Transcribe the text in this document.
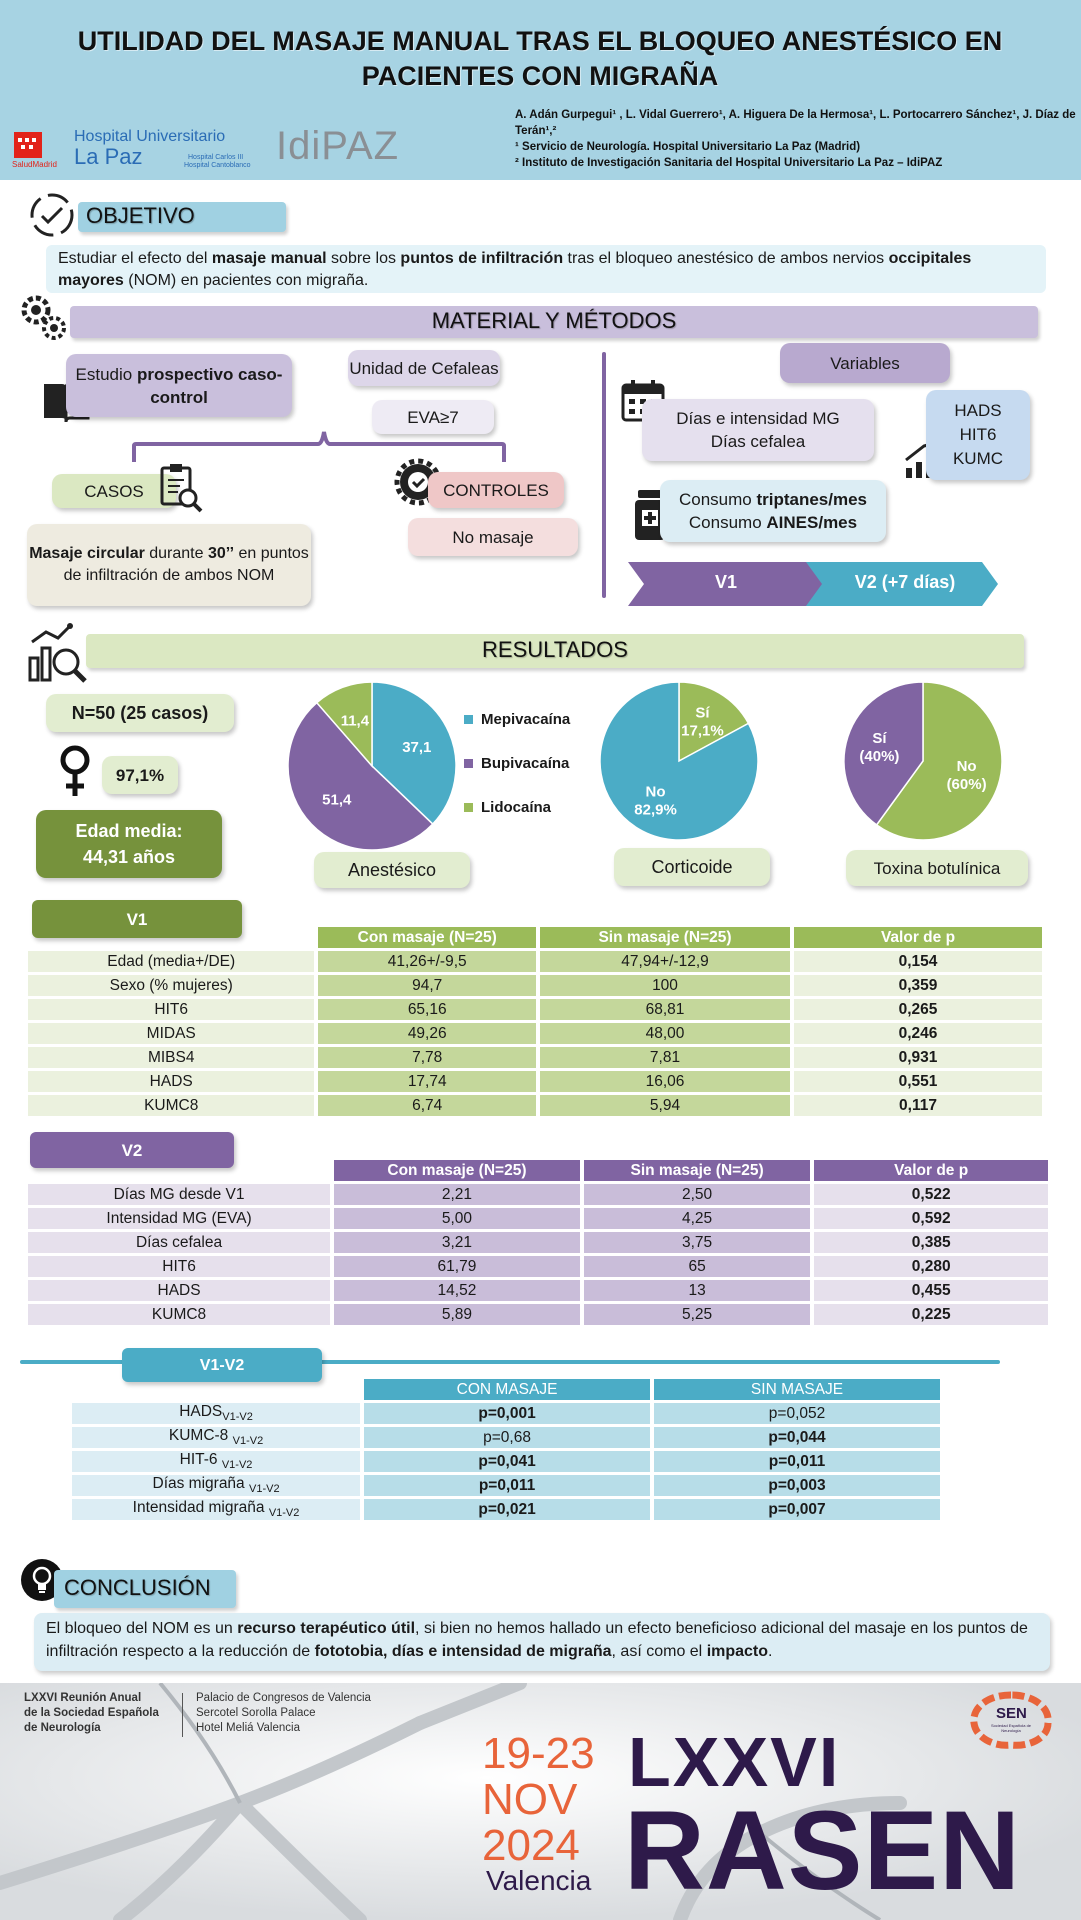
UTILIDAD DEL MASAJE MANUAL TRAS EL BLOQUEO ANESTÉSICO EN PACIENTES CON MIGRAÑA
SaludMadrid
Hospital Universitario
La Paz	Hospital Carlos III
Hospital Cantoblanco IdiPAZ
A. Adán Gurpegui¹ , L. Vidal Guerrero¹, A. Higuera De la Hermosa¹, L. Portocarrero Sánchez¹, J. Díaz de Terán¹,²
¹ Servicio de Neurología. Hospital Universitario La Paz (Madrid)
² Instituto de Investigación Sanitaria del Hospital Universitario La Paz – IdiPAZ
OBJETIVO
Estudiar el efecto del masaje manual sobre los puntos de infiltración tras el bloqueo anestésico de ambos nervios occipitales mayores (NOM) en pacientes con migraña.
MATERIAL Y MÉTODOS
Estudio prospectivo caso-control
Unidad de Cefaleas
EVA≥7
CASOS
Masaje circular durante 30’’ en puntos de infiltración de ambos NOM
CONTROLES
No masaje
Variables
Días e intensidad MG
Días cefalea
HADS
HIT6
KUMC
Consumo triptanes/mes
Consumo AINES/mes
V1	V2 (+7 días)
RESULTADOS
N=50 (25 casos)
97,1%
Edad media:
44,31 años
37,1
51,4
11,4	Mepivacaína
Bupivacaína
Lidocaína
Sí 17,1%
No 82,9%
No (60%)
Sí (40%)
Anestésico	Corticoide	Toxina botulínica
V1
	Con masaje (N=25)	Sin masaje (N=25)	Valor de p
Edad (media+/DE)	41,26+/-9,5	47,94+/-12,9	0,154
Sexo (% mujeres)	94,7	100	0,359
HIT6	65,16	68,81	0,265
MIDAS	49,26	48,00	0,246
MIBS4	7,78	7,81	0,931
HADS	17,74	16,06	0,551
KUMC8	6,74	5,94	0,117
V2
	Con masaje (N=25)	Sin masaje (N=25)	Valor de p
Días MG desde V1	2,21	2,50	0,522
Intensidad MG (EVA)	5,00	4,25	0,592
Días cefalea	3,21	3,75	0,385
HIT6	61,79	65	0,280
HADS	14,52	13	0,455
KUMC8	5,89	5,25	0,225
V1-V2
	CON MASAJE	SIN MASAJE
$HADS_{V1-V2}$	p=0,001	p=0,052
KUMC-8 $_{V1-V2}$	p=0,68	p=0,044
HIT-6 $_{V1-V2}$	p=0,041	p=0,011
Días migraña $_{V1-V2}$	p=0,011	p=0,003
Intensidad migraña $_{V1-V2}$	p=0,021	p=0,007
CONCLUSIÓN
El bloqueo del NOM es un recurso terapéutico útil, si bien no hemos hallado un efecto beneficioso adicional del masaje en los puntos de infiltración respecto a la reducción de fototobia, días e intensidad de migraña, así como el impacto.
LXXVI Reunión Anual
de la Sociedad Española
de Neurología
Palacio de Congresos de Valencia
Sercotel Sorolla Palace
Hotel Meliá Valencia
19-23
NOV
2024
Valencia
LXXVI
RASEN
SEN
Sociedad Española de Neurología
